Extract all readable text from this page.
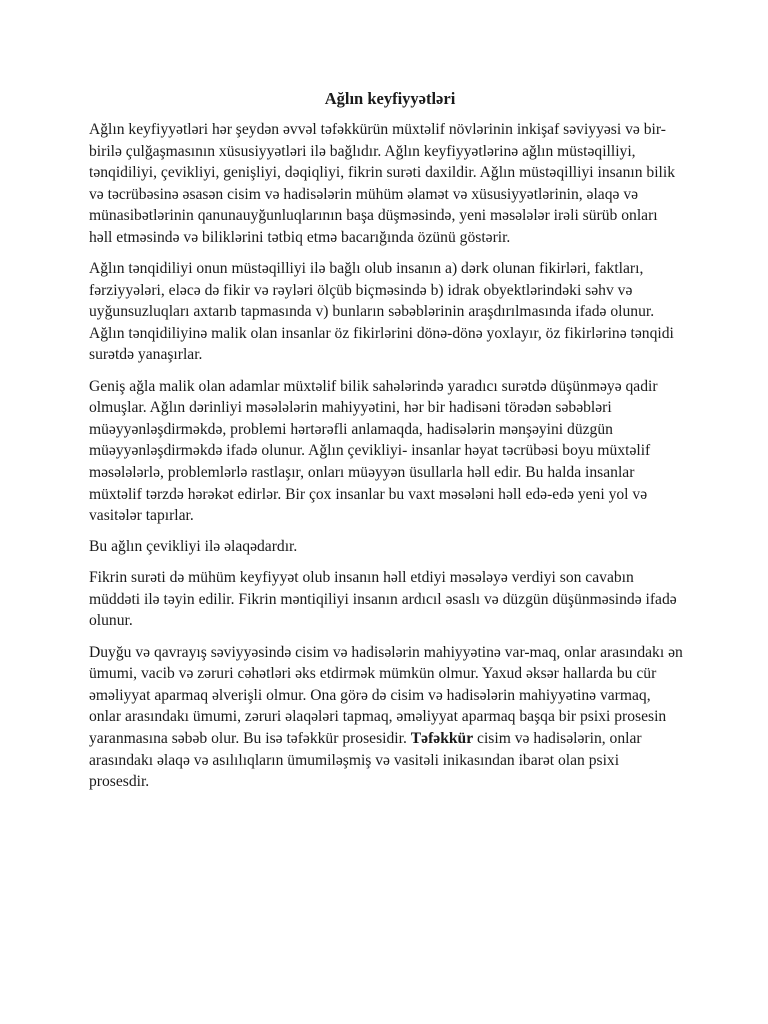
Ağlın keyfiyyətləri

Ağlın keyfiyyətləri hər şeydən əvvəl təfəkkürün müxtəlif növlərinin inkişaf səviyyəsi və bir-birilə çulğaşmasının xüsusiyyətləri ilə bağlıdır. Ağlın keyfiyyətlərinə ağlın müstəqilliyi, tənqidiliyi, çevikliyi, genişliyi, dəqiqliyi, fikrin surəti daxildir. Ağlın müstəqilliyi insanın bilik və təcrübəsinə əsasən cisim və hadisələrin mühüm əlamət və xüsusiyyətlərinin, əlaqə və münasibətlərinin qanunauyğunluqlarının başa düşməsində, yeni məsələlər irəli sürüb onları həll etməsində və biliklərini tətbiq etmə bacarığında özünü göstərir.

Ağlın tənqidiliyi onun müstəqilliyi ilə bağlı olub insanın a) dərk olunan fikirləri, faktları, fərziyyələri, eləcə də fikir və rəyləri ölçüb biçməsində b) idrak obyektlərindəki səhv və uyğunsuzluqları axtarıb tapmasında v) bunların səbəblərinin araşdırılmasında ifadə olunur. Ağlın tənqidiliyinə malik olan insanlar öz fikirlərini dönə-dönə yoxlayır, öz fikirlərinə tənqidi surətdə yanaşırlar.

Geniş ağla malik olan adamlar müxtəlif bilik sahələrində yaradıcı surətdə düşünməyə qadir olmuşlar. Ağlın dərinliyi məsələlərin mahiyyətini, hər bir hadisəni törədən səbəbləri müəyyənləşdirməkdə, problemi hərtərəfli anlamaqda, hadisələrin mənşəyini düzgün müəyyənləşdirməkdə ifadə olunur. Ağlın çevikliyi- insanlar həyat təcrübəsi boyu müxtəlif məsələlərlə, problemlərlə rastlaşır, onları müəyyən üsullarla həll edir. Bu halda insanlar müxtəlif tərzdə hərəkət edirlər. Bir çox insanlar bu vaxt məsələni həll edə-edə yeni yol və vasitələr tapırlar.

Bu ağlın çevikliyi ilə əlaqədardır.

Fikrin surəti də mühüm keyfiyyət olub insanın həll etdiyi məsələyə verdiyi son cavabın müddəti ilə təyin edilir. Fikrin məntiqiliyi insanın ardıcıl əsaslı və düzgün düşünməsində ifadə olunur.

Duyğu və qavrayış səviyyəsində cisim və hadisələrin mahiyyətinə var-maq, onlar arasındakı ən ümumi, vacib və zəruri cəhətləri əks etdirmək mümkün olmur. Yaxud əksər hallarda bu cür əməliyyat aparmaq əlverişli olmur. Ona görə də cisim və hadisələrin mahiyyətinə varmaq, onlar arasındakı ümumi, zəruri əlaqələri tapmaq, əməliyyat aparmaq başqa bir psixi prosesin yaranmasına səbəb olur. Bu isə təfəkkür prosesidir. Təfəkkür cisim və hadisələrin, onlar arasındakı əlaqə və asılılıqların ümumiləşmiş və vasitəli inikasından ibarət olan psixi prosesdir.
